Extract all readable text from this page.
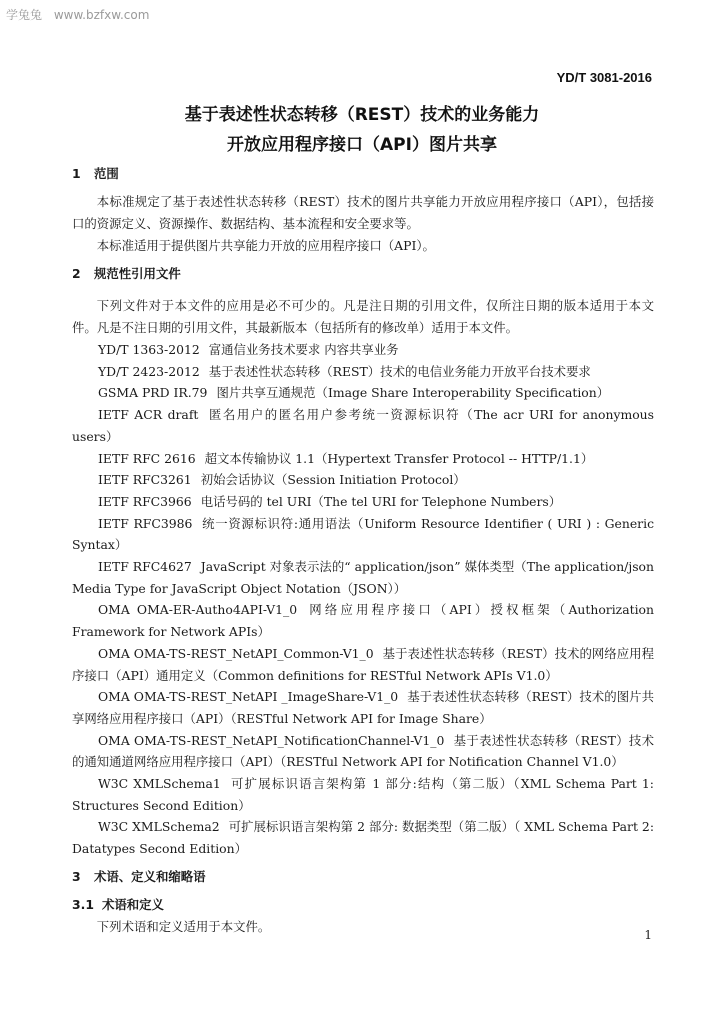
学兔兔 www.bzfxw.com
YD/T 3081-2016
基于表述性状态转移（REST）技术的业务能力
开放应用程序接口（API）图片共享
1 范围

本标准规定了基于表述性状态转移（REST）技术的图片共享能力开放应用程序接口（API），包括接口的资源定义、资源操作、数据结构、基本流程和安全要求等。

本标准适用于提供图片共享能力开放的应用程序接口（API）。

2 规范性引用文件

下列文件对于本文件的应用是必不可少的。凡是注日期的引用文件，仅所注日期的版本适用于本文件。凡是不注日期的引用文件，其最新版本（包括所有的修改单）适用于本文件。

YD/T 1363-2012 富通信业务技术要求 内容共享业务

YD/T 2423-2012 基于表述性状态转移（REST）技术的电信业务能力开放平台技术要求

GSMA PRD IR.79 图片共享互通规范（Image Share Interoperability Specification）

IETF ACR draft 匿名用户的匿名用户参考统一资源标识符（The acr URI for anonymous users）

IETF RFC 2616 超文本传输协议 1.1（Hypertext Transfer Protocol -- HTTP/1.1）

IETF RFC3261 初始会话协议（Session Initiation Protocol）

IETF RFC3966 电话号码的 tel URI（The tel URI for Telephone Numbers）

IETF RFC3986 统一资源标识符:通用语法（Uniform Resource Identifier ( URI ) : Generic Syntax）

IETF RFC4627 JavaScript 对象表示法的“ application/json” 媒体类型（The application/json Media Type for JavaScript Object Notation（JSON））

OMA OMA-ER-Autho4API-V1_0 网络应用程序接口（API）授权框架（Authorization Framework for Network APIs）

OMA OMA-TS-REST_NetAPI_Common-V1_0 基于表述性状态转移（REST）技术的网络应用程序接口（API）通用定义（Common definitions for RESTful Network APIs V1.0）

OMA OMA-TS-REST_NetAPI _ImageShare-V1_0 基于表述性状态转移（REST）技术的图片共享网络应用程序接口（API）（RESTful Network API for Image Share）

OMA OMA-TS-REST_NetAPI_NotificationChannel-V1_0 基于表述性状态转移（REST）技术的通知通道网络应用程序接口（API）（RESTful Network API for Notification Channel V1.0）

W3C XMLSchema1 可扩展标识语言架构第 1 部分:结构（第二版）（XML Schema Part 1: Structures Second Edition）

W3C XMLSchema2 可扩展标识语言架构第 2 部分: 数据类型（第二版）（ XML Schema Part 2: Datatypes Second Edition）

3 术语、定义和缩略语
3.1 术语和定义

下列术语和定义适用于本文件。

1
